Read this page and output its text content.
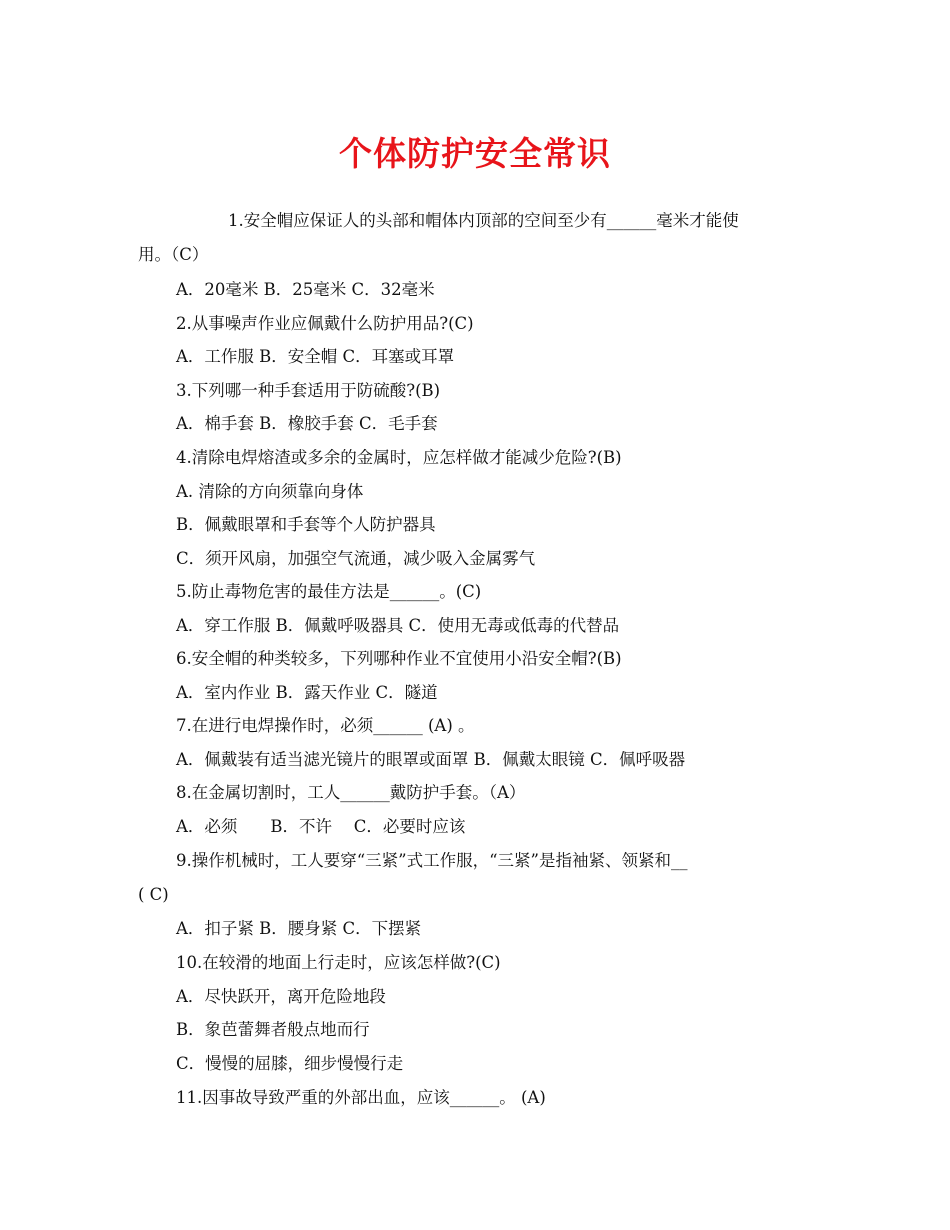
个体防护安全常识
1.安全帽应保证人的头部和帽体内顶部的空间至少有______毫米才能使
用。（C）
A．20毫米 B．25毫米 C．32毫米
2.从事噪声作业应佩戴什么防护用品?(C)
A．工作服 B．安全帽 C．耳塞或耳罩
3.下列哪一种手套适用于防硫酸?(B)
A．棉手套 B．橡胶手套 C．毛手套
4.清除电焊熔渣或多余的金属时，应怎样做才能减少危险?(B)
A. 清除的方向须靠向身体
B．佩戴眼罩和手套等个人防护器具
C．须开风扇，加强空气流通，减少吸入金属雾气
5.防止毒物危害的最佳方法是______。(C)
A．穿工作服 B．佩戴呼吸器具 C．使用无毒或低毒的代替品
6.安全帽的种类较多，下列哪种作业不宜使用小沿安全帽?(B)
A．室内作业 B．露天作业 C．隧道
7.在进行电焊操作时，必须______ (A) 。
A．佩戴装有适当滤光镜片的眼罩或面罩 B．佩戴太眼镜 C．佩呼吸器
8.在金属切割时，工人______戴防护手套。（A）
A．必须　　B．不许　 C．必要时应该
9.操作机械时，工人要穿“三紧”式工作服，“三紧”是指袖紧、领紧和__
( C)
A．扣子紧 B．腰身紧 C．下摆紧
10.在较滑的地面上行走时，应该怎样做?(C)
A．尽快跃开，离开危险地段
B．象芭蕾舞者般点地而行
C．慢慢的屈膝，细步慢慢行走
11.因事故导致严重的外部出血，应该______。 (A)
